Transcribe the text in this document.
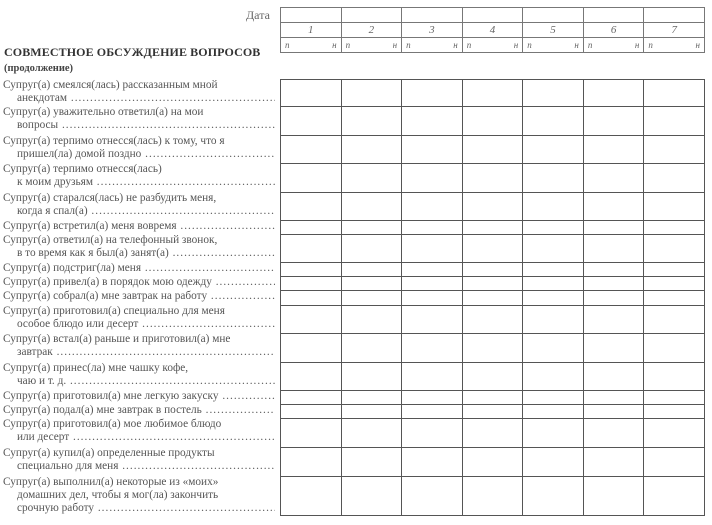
Дата

1	2	3	4	5	6	7

п н	п н	п н	п н	п н	п н	п н
СОВМЕСТНОЕ ОБСУЖДЕНИЕ ВОПРОСОВ
(продолжение)
Супруг(а) смеялся(лась) рассказанным мной
анекдотам .....
Супруг(а) уважительно ответил(а) на мои
вопросы .....
Супруг(а) терпимо отнесся(лась) к тому, что я
пришел(ла) домой поздно .....
Супруг(а) терпимо отнесся(лась)
к моим друзьям .....
Супруг(а) старался(лась) не разбудить меня,
когда я спал(а) .....
Супруг(а) встретил(а) меня вовремя .....
Супруг(а) ответил(а) на телефонный звонок,
в то время как я был(а) занят(а) .....
Супруг(а) подстриг(ла) меня .....
Супруг(а) привел(а) в порядок мою одежду .....
Супруг(а) собрал(а) мне завтрак на работу .....
Супруг(а) приготовил(а) специально для меня
особое блюдо или десерт .....
Супруг(а) встал(а) раньше и приготовил(а) мне
завтрак .....
Супруг(а) принес(ла) мне чашку кофе,
чаю и т. д. .....
Супруг(а) приготовил(а) мне легкую закуску .....
Супруг(а) подал(а) мне завтрак в постель .....
Супруг(а) приготовил(а) мое любимое блюдо
или десерт .....
Супруг(а) купил(а) определенные продукты
специально для меня .....
Супруг(а) выполнил(а) некоторые из «моих»
домашних дел, чтобы я мог(ла) закончить
срочную работу .....
